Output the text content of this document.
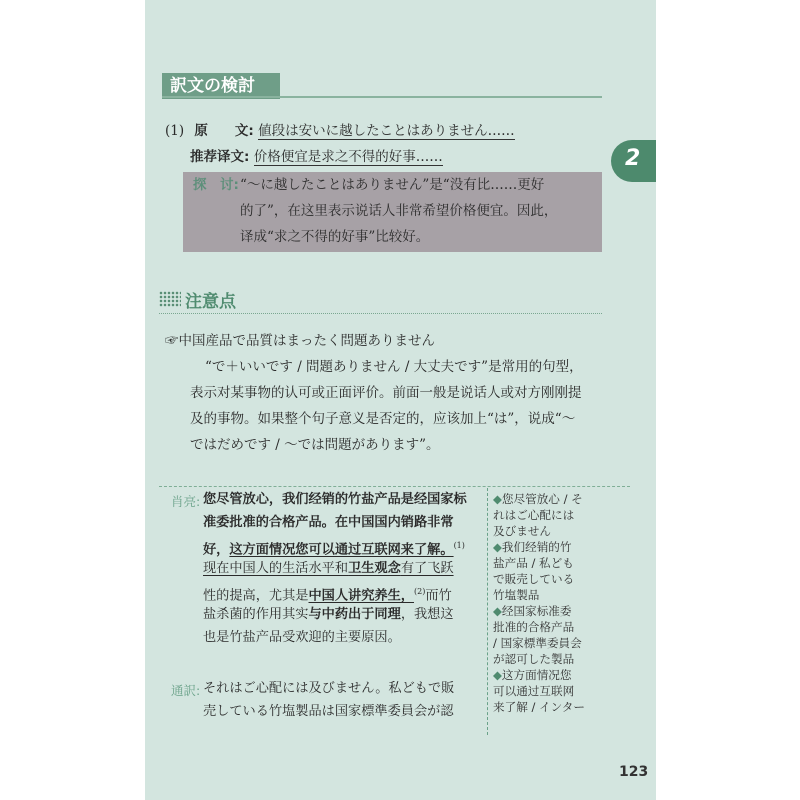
訳文の検討
2
(1) 原　　文: 値段は安いに越したことはありません……
推荐译文: 价格便宜是求之不得的好事……
探　讨: “～に越したことはありません”是“没有比……更好
的了”，在这里表示说话人非常希望价格便宜。因此，
译成“求之不得的好事”比较好。
注意点
☞中国産品で品質はまったく問題ありません
“で＋いいです / 問題ありません / 大丈夫です”是常用的句型，
表示对某事物的认可或正面评价。前面一般是说话人或对方刚刚提
及的事物。如果整个句子意义是否定的，应该加上“は”，说成“～
ではだめです / ～では問題があります”。
肖亮: 您尽管放心，我们经销的竹盐产品是经国家标
准委批准的合格产品。在中国国内销路非常
好，这方面情况您可以通过互联网来了解。$^{(1)}$
现在中国人的生活水平和卫生观念有了飞跃
性的提高，尤其是中国人讲究养生，$^{(2)}$而竹
盐杀菌的作用其实与中药出于同理，我想这
也是竹盐产品受欢迎的主要原因。
通訳: それはご心配には及びません。私どもで販
売している竹塩製品は国家標準委員会が認
◆您尽管放心 / そ
れはご心配には
及びません
◆我们经销的竹
盐产品 / 私ども
で販売している
竹塩製品
◆经国家标准委
批准的合格产品
/ 国家標準委員会
が認可した製品
◆这方面情况您
可以通过互联网
来了解 / インター
123
